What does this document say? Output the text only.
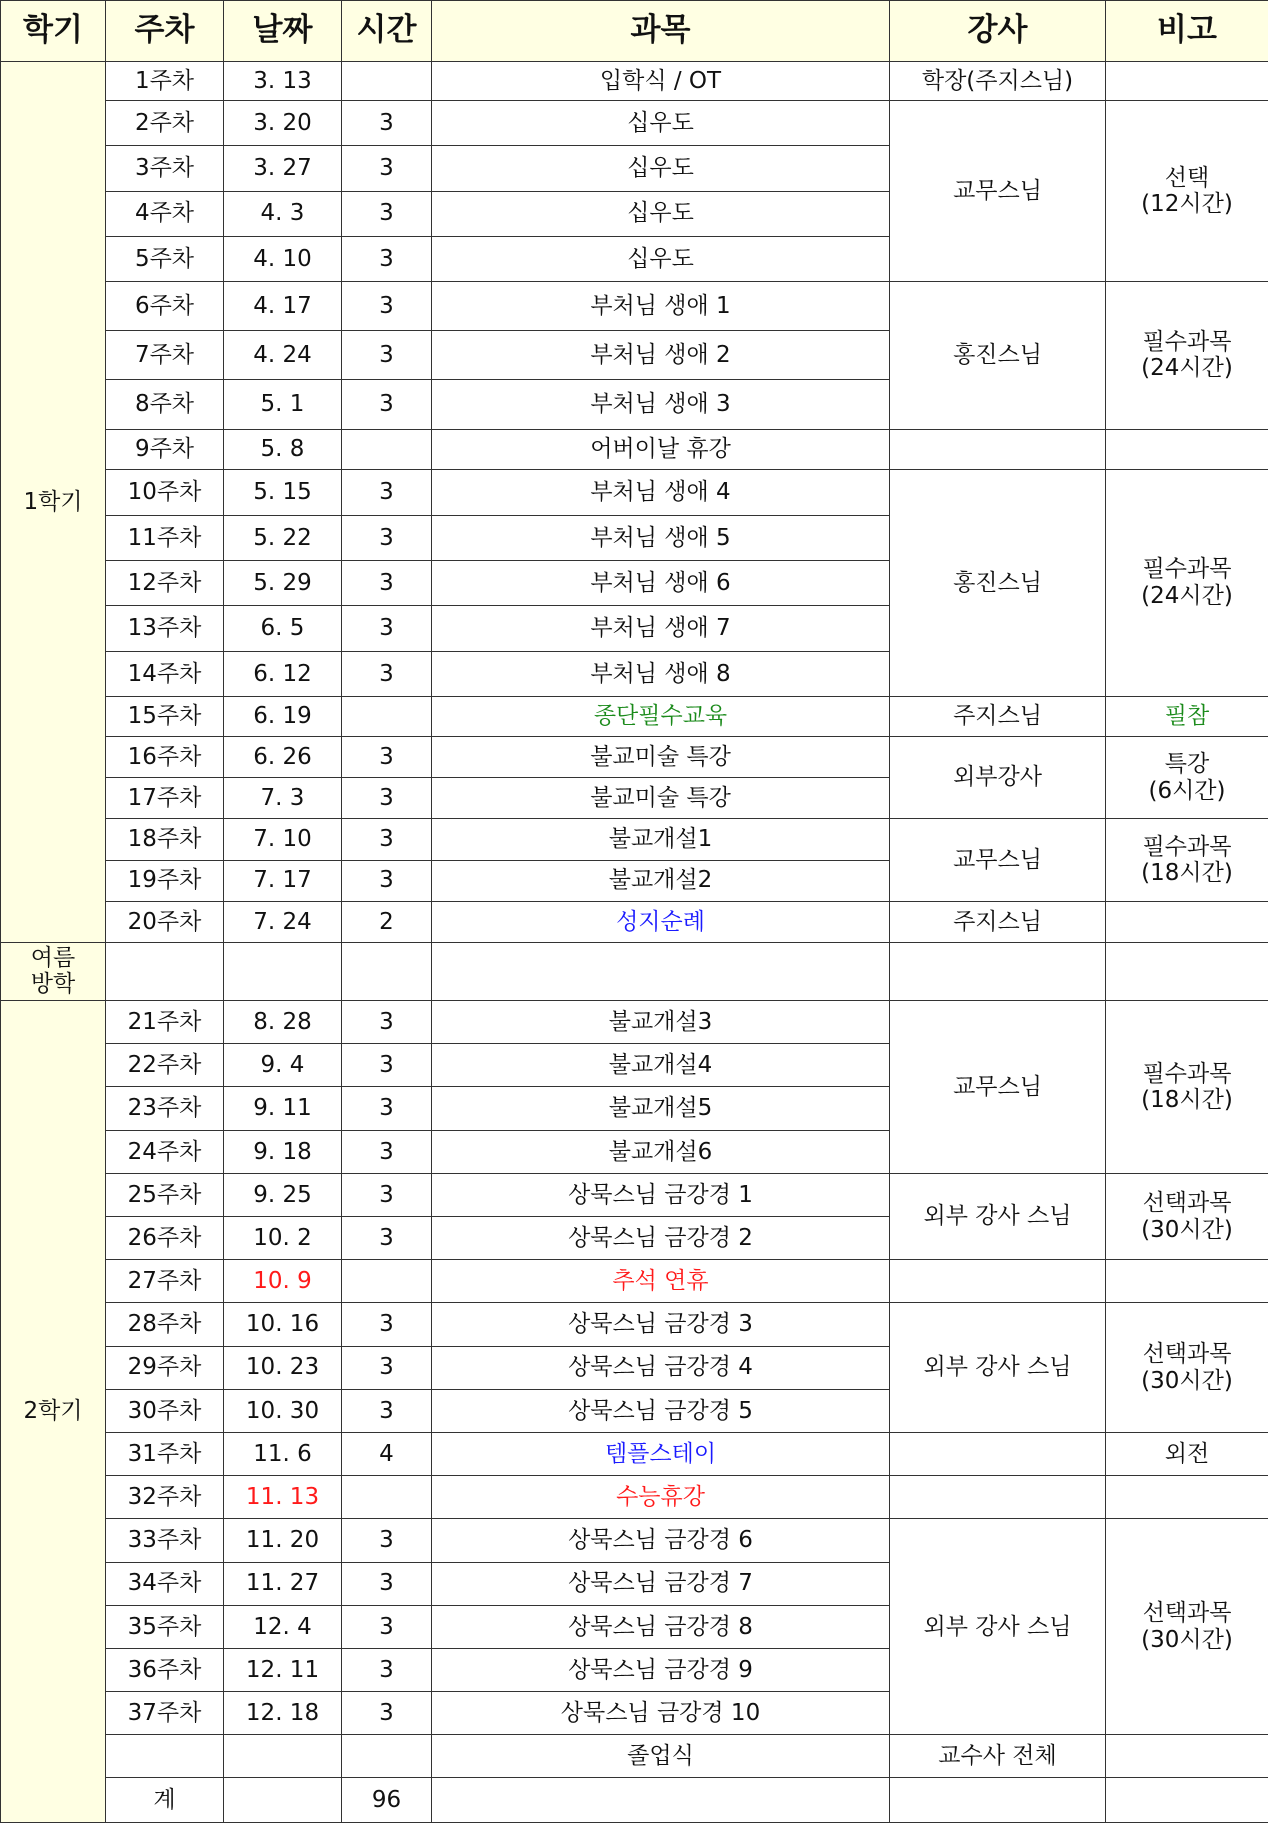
학기	주차	날짜	시간	과목	강사	비고
1학기	1주차	3. 13		입학식 / OT	학장(주지스님)	
	2주차	3. 20	3	십우도	교무스님	선택
(12시간)
	3주차	3. 27	3	십우도		
	4주차	4. 3	3	십우도		
	5주차	4. 10	3	십우도		
	6주차	4. 17	3	부처님 생애 1	홍진스님	필수과목
(24시간)
	7주차	4. 24	3	부처님 생애 2		
	8주차	5. 1	3	부처님 생애 3		
	9주차	5. 8		어버이날 휴강		
	10주차	5. 15	3	부처님 생애 4	홍진스님	필수과목
(24시간)
	11주차	5. 22	3	부처님 생애 5		
	12주차	5. 29	3	부처님 생애 6		
	13주차	6. 5	3	부처님 생애 7		
	14주차	6. 12	3	부처님 생애 8		
	15주차	6. 19		종단필수교육	주지스님	필참
	16주차	6. 26	3	불교미술 특강	외부강사	특강
(6시간)
	17주차	7. 3	3	불교미술 특강		
	18주차	7. 10	3	불교개설1	교무스님	필수과목
(18시간)
	19주차	7. 17	3	불교개설2		
	20주차	7. 24	2	성지순례	주지스님	
여름
방학						
2학기	21주차	8. 28	3	불교개설3	교무스님	필수과목
(18시간)
	22주차	9. 4	3	불교개설4		
	23주차	9. 11	3	불교개설5		
	24주차	9. 18	3	불교개설6		
	25주차	9. 25	3	상묵스님 금강경 1	외부 강사 스님	선택과목
(30시간)
	26주차	10. 2	3	상묵스님 금강경 2		
	27주차	10. 9		추석 연휴		
	28주차	10. 16	3	상묵스님 금강경 3	외부 강사 스님	선택과목
(30시간)
	29주차	10. 23	3	상묵스님 금강경 4		
	30주차	10. 30	3	상묵스님 금강경 5		
	31주차	11. 6	4	템플스테이		외전
	32주차	11. 13		수능휴강		
	33주차	11. 20	3	상묵스님 금강경 6	외부 강사 스님	선택과목
(30시간)
	34주차	11. 27	3	상묵스님 금강경 7		
	35주차	12. 4	3	상묵스님 금강경 8		
	36주차	12. 11	3	상묵스님 금강경 9		
	37주차	12. 18	3	상묵스님 금강경 10		
				졸업식	교수사 전체	
	계		96			
